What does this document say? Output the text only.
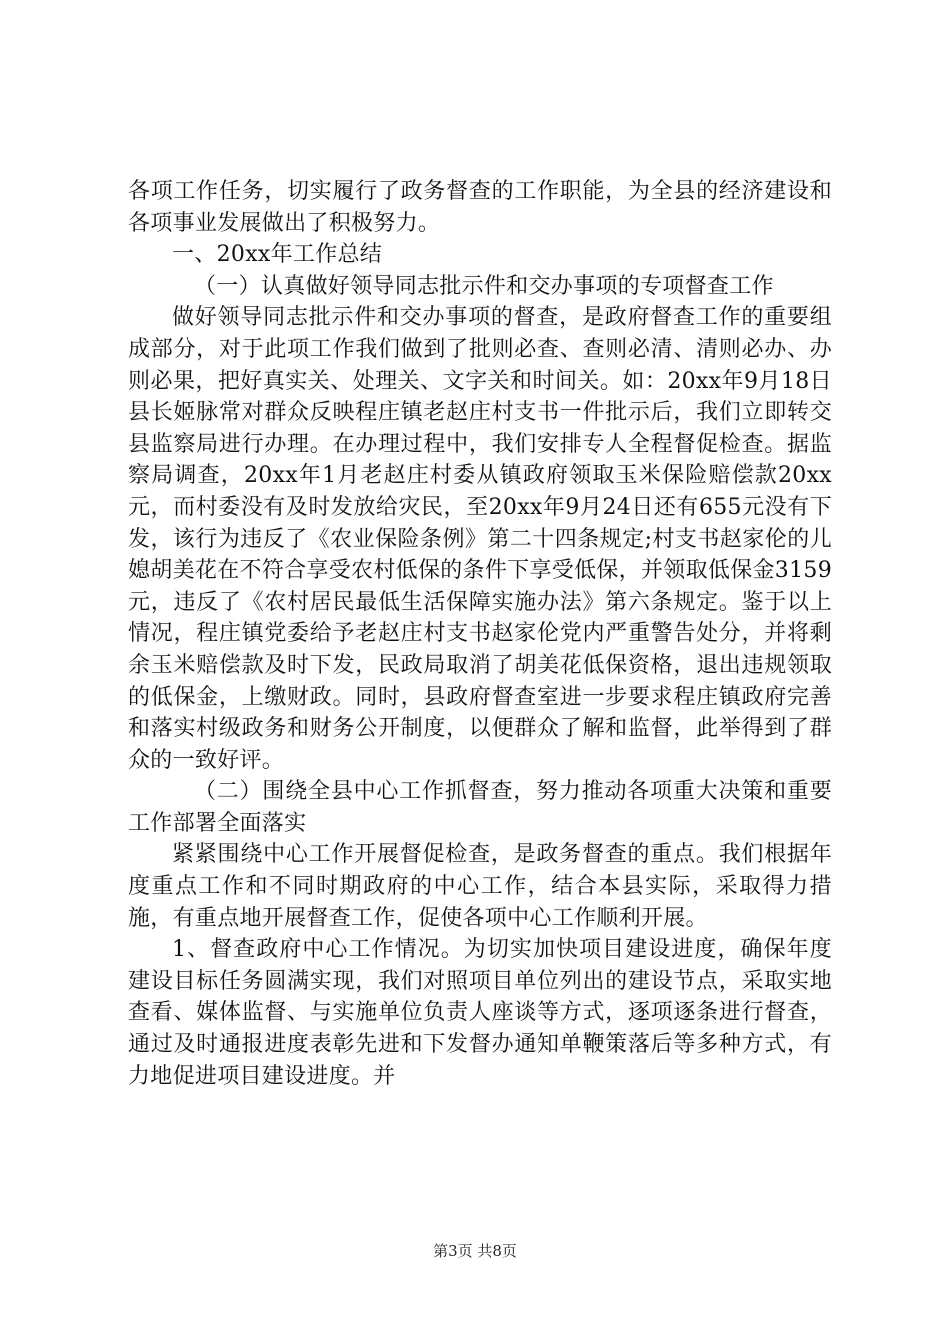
各项工作任务，切实履行了政务督查的工作职能，为全县的经济建设和各项事业发展做出了积极努力。

一、20xx年工作总结

（一）认真做好领导同志批示件和交办事项的专项督查工作

做好领导同志批示件和交办事项的督查，是政府督查工作的重要组成部分，对于此项工作我们做到了批则必查、查则必清、清则必办、办则必果，把好真实关、处理关、文字关和时间关。如：20xx年9月18日县长姬脉常对群众反映程庄镇老赵庄村支书一件批示后，我们立即转交县监察局进行办理。在办理过程中，我们安排专人全程督促检查。据监察局调查，20xx年1月老赵庄村委从镇政府领取玉米保险赔偿款20xx元，而村委没有及时发放给灾民，至20xx年9月24日还有655元没有下发，该行为违反了《农业保险条例》第二十四条规定;村支书赵家伦的儿媳胡美花在不符合享受农村低保的条件下享受低保，并领取低保金3159元，违反了《农村居民最低生活保障实施办法》第六条规定。鉴于以上情况，程庄镇党委给予老赵庄村支书赵家伦党内严重警告处分，并将剩余玉米赔偿款及时下发，民政局取消了胡美花低保资格，退出违规领取的低保金，上缴财政。同时，县政府督查室进一步要求程庄镇政府完善和落实村级政务和财务公开制度，以便群众了解和监督，此举得到了群众的一致好评。

（二）围绕全县中心工作抓督查，努力推动各项重大决策和重要工作部署全面落实

紧紧围绕中心工作开展督促检查，是政务督查的重点。我们根据年度重点工作和不同时期政府的中心工作，结合本县实际，采取得力措施，有重点地开展督查工作，促使各项中心工作顺利开展。

1、督查政府中心工作情况。为切实加快项目建设进度，确保年度建设目标任务圆满实现，我们对照项目单位列出的建设节点，采取实地查看、媒体监督、与实施单位负责人座谈等方式，逐项逐条进行督查，通过及时通报进度表彰先进和下发督办通知单鞭策落后等多种方式，有力地促进项目建设进度。并

第3页 共8页
